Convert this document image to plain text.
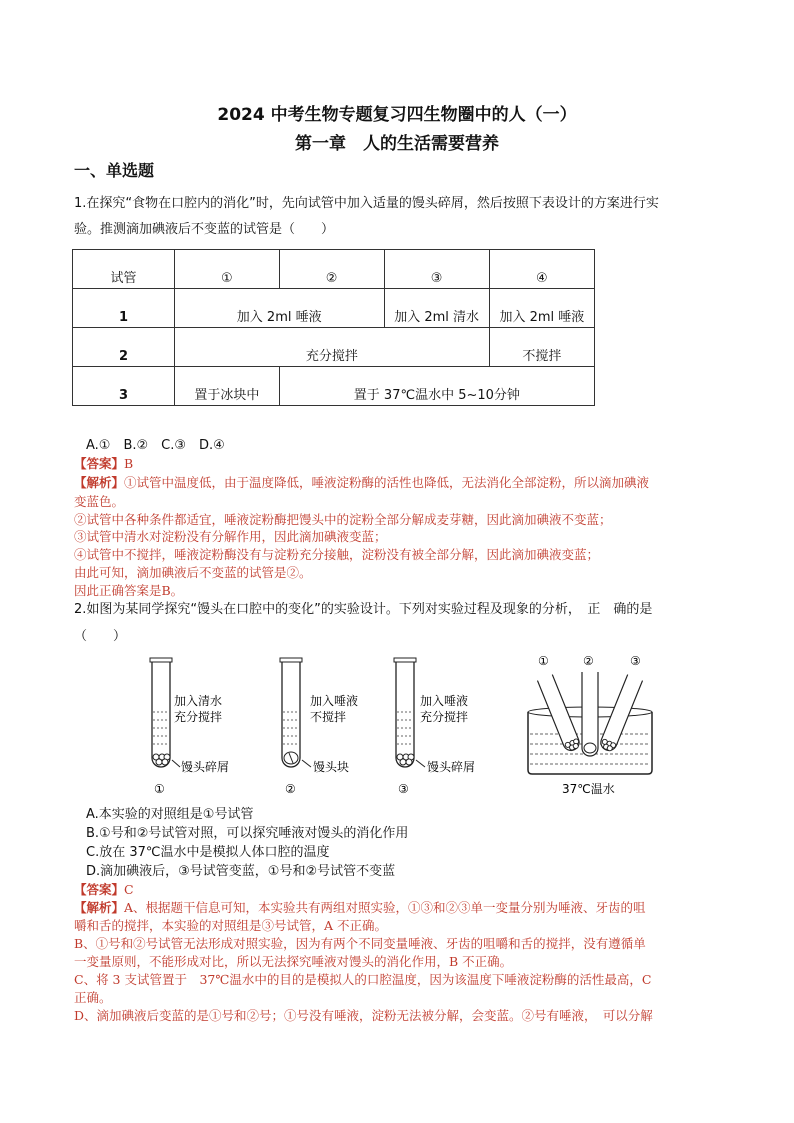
2024 中考生物专题复习四生物圈中的人（一）
第一章　人的生活需要营养
一、单选题
1.在探究“食物在口腔内的消化”时，先向试管中加入适量的馒头碎屑，然后按照下表设计的方案进行实
验。推测滴加碘液后不变蓝的试管是（　　）
试管	①	②	③	④
1	加入 2ml 唾液		加入 2ml 清水	加入 2ml 唾液
2	充分搅拌			不搅拌
3	置于冰块中	置于 37℃温水中 5~10分钟		
A.①　B.②　C.③　D.④
【答案】B
【解析】①试管中温度低，由于温度降低，唾液淀粉酶的活性也降低，无法消化全部淀粉，所以滴加碘液
变蓝色。
②试管中各种条件都适宜，唾液淀粉酶把馒头中的淀粉全部分解成麦芽糖，因此滴加碘液不变蓝；
③试管中清水对淀粉没有分解作用，因此滴加碘液变蓝；
④试管中不搅拌，唾液淀粉酶没有与淀粉充分接触，淀粉没有被全部分解，因此滴加碘液变蓝；
由此可知，滴加碘液后不变蓝的试管是②。
因此正确答案是B。
2.如图为某同学探究“馒头在口腔中的变化”的实验设计。下列对实验过程及现象的分析，　正　确的是
（　　）
加入清水
充分搅拌
馒头碎屑
①
加入唾液
不搅拌
馒头块
②
加入唾液
充分搅拌
馒头碎屑
③
①	②	③
37℃温水
A.本实验的对照组是①号试管
B.①号和②号试管对照，可以探究唾液对馒头的消化作用
C.放在 37℃温水中是模拟人体口腔的温度
D.滴加碘液后，③号试管变蓝，①号和②号试管不变蓝
【答案】C
【解析】A、根据题干信息可知，本实验共有两组对照实验，①③和②③单一变量分别为唾液、牙齿的咀
嚼和舌的搅拌，本实验的对照组是③号试管，A 不正确。
B、①号和②号试管无法形成对照实验，因为有两个不同变量唾液、牙齿的咀嚼和舌的搅拌，没有遵循单
一变量原则，不能形成对比，所以无法探究唾液对馒头的消化作用，B 不正确。
C、将 3 支试管置于　37℃温水中的目的是模拟人的口腔温度，因为该温度下唾液淀粉酶的活性最高，C
正确。
D、滴加碘液后变蓝的是①号和②号；①号没有唾液，淀粉无法被分解，会变蓝。②号有唾液，　可以分解
